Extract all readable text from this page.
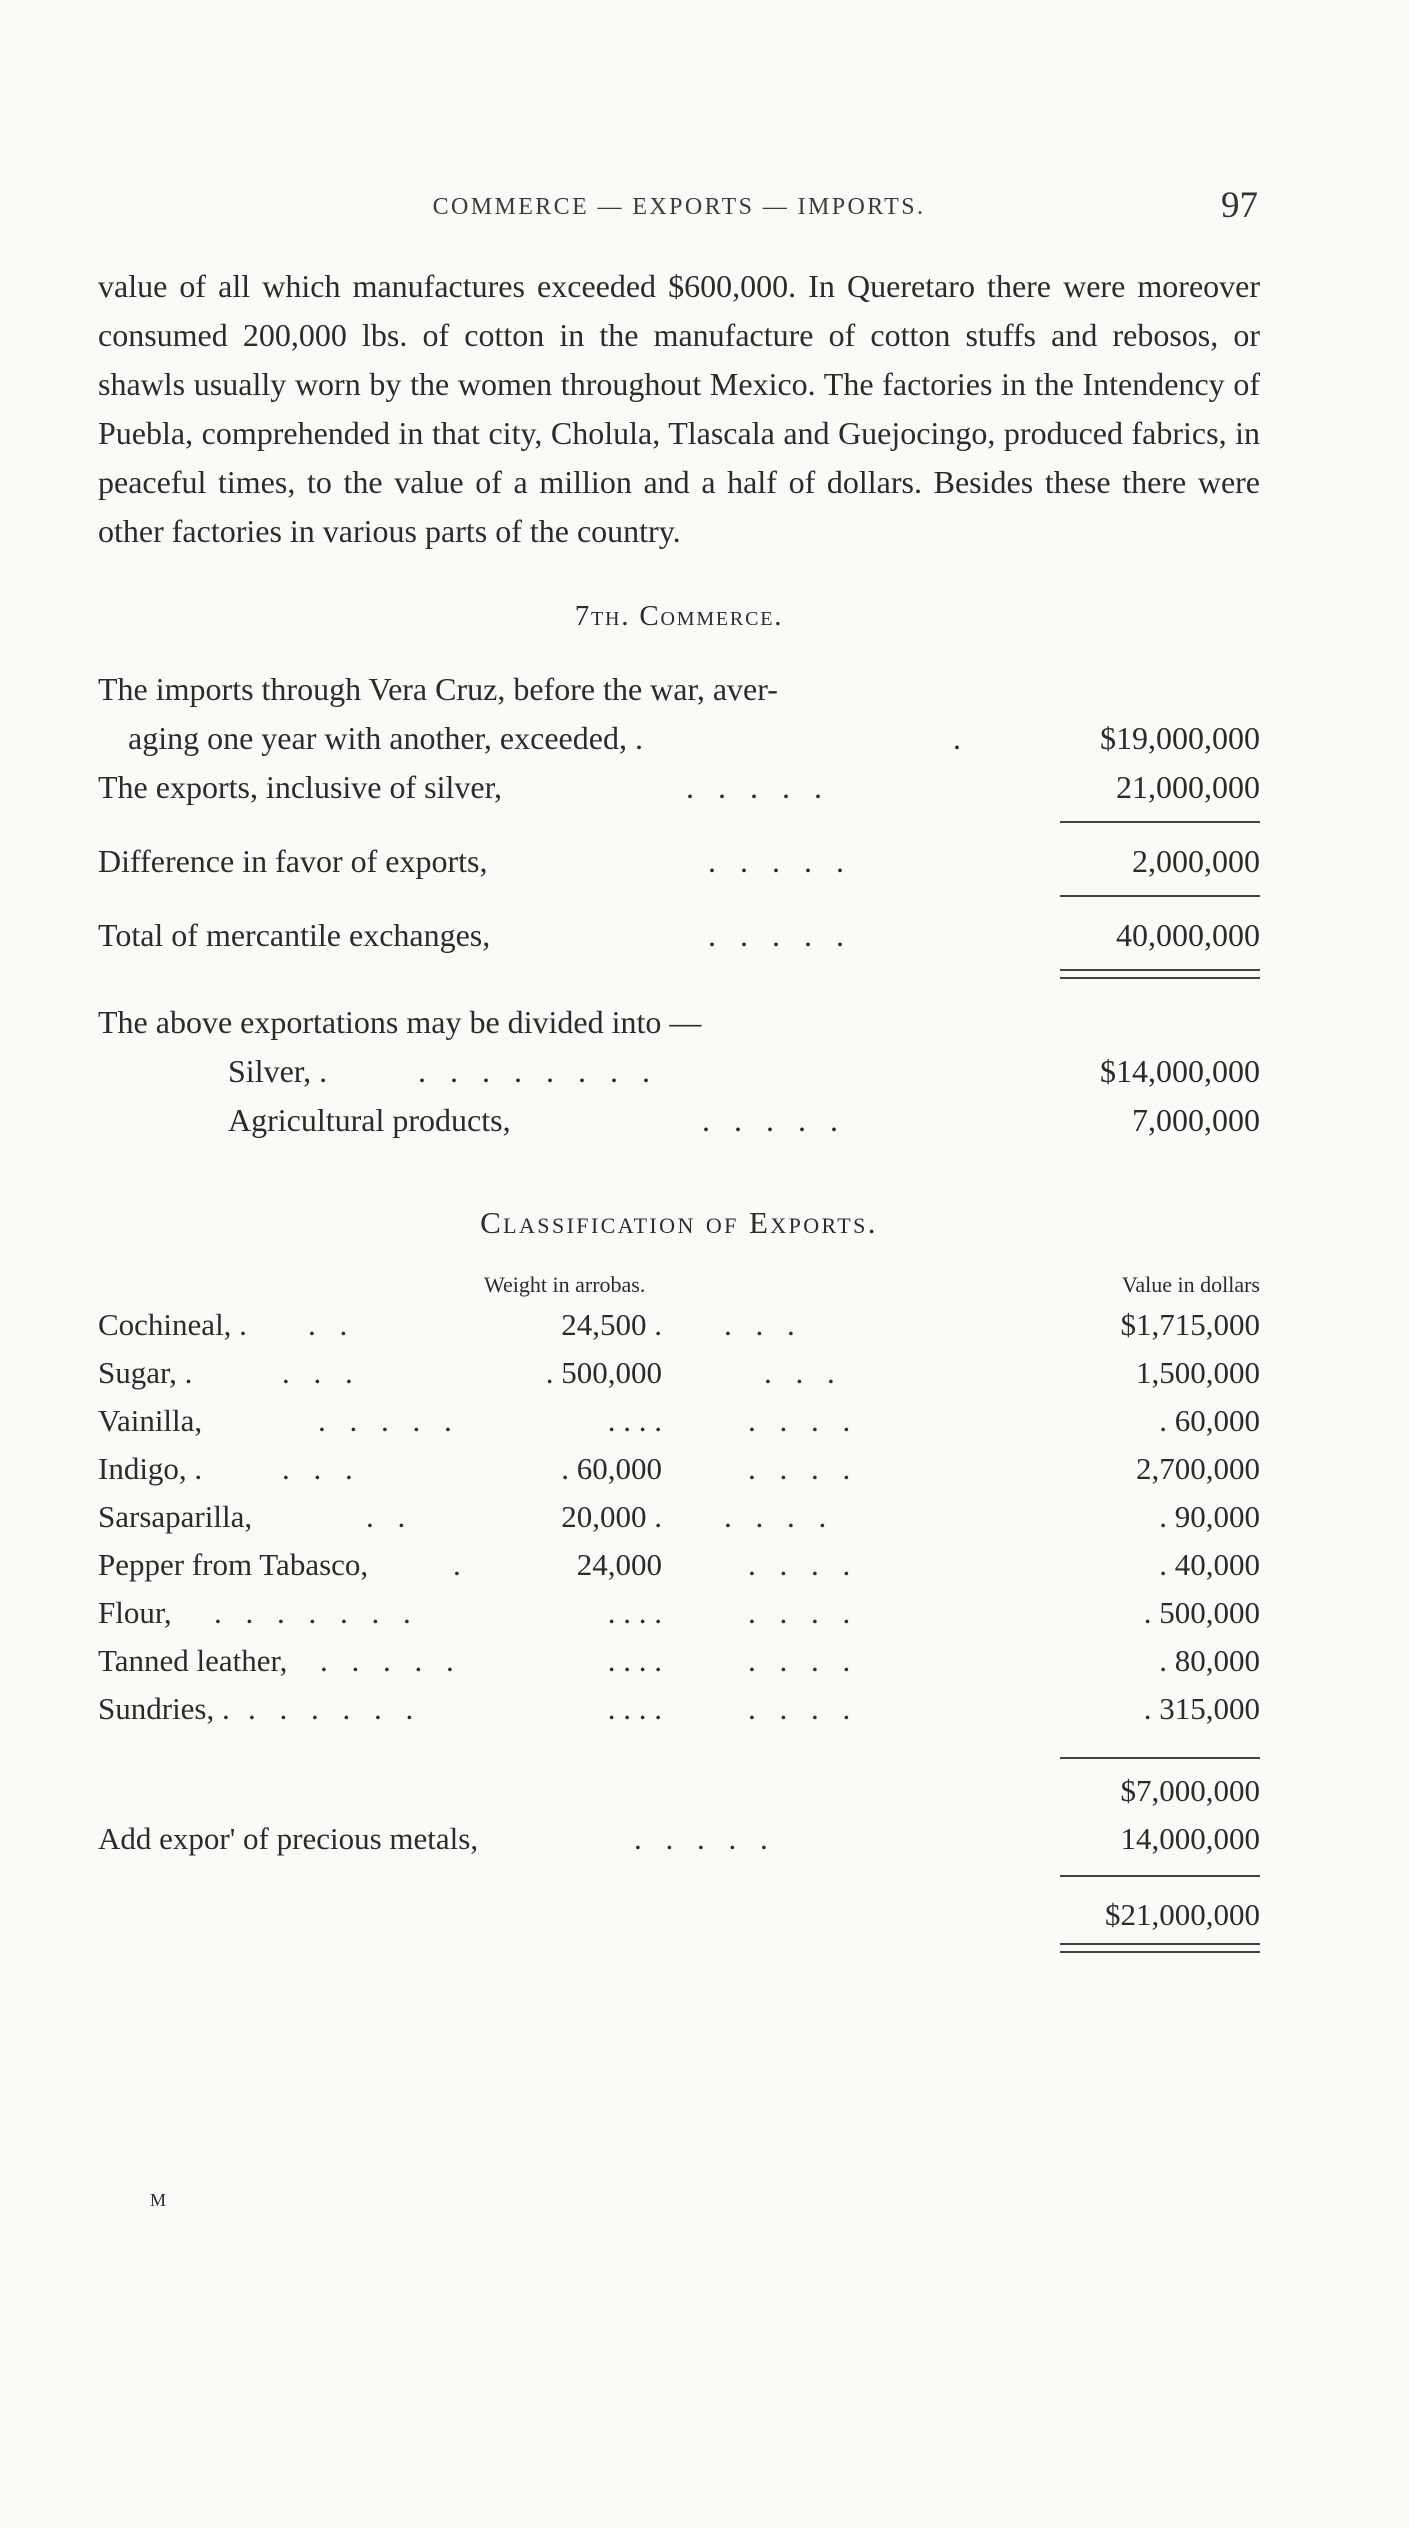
COMMERCE — EXPORTS — IMPORTS.	97

value of all which manufactures exceeded $600,000. In Queretaro there were moreover consumed 200,000 lbs. of cotton in the manufacture of cotton stuffs and rebosos, or shawls usually worn by the women throughout Mexico. The factories in the Intendency of Puebla, comprehended in that city, Cholula, Tlascala and Guejocingo, produced fabrics, in peaceful times, to the value of a million and a half of dollars. Besides these there were other factories in various parts of the country.

7th. Commerce.
The imports through Vera Cruz, before the war, aver-
aging one year with another, exceeded, .	.	$19,000,000
The exports, inclusive of silver,	. . . . .	21,000,000
Difference in favor of exports,	. . . . .	2,000,000
Total of mercantile exchanges,	. . . . .	40,000,000
The above exportations may be divided into —
Silver, .	. . . . . . . .	$14,000,000
Agricultural products,	. . . . .	7,000,000
Classification of Exports.
Weight in arrobas.	Value in dollars
Cochineal, . . .	24,500 . . . .	$1,715,000
Sugar, .	. . .	. 500,000	. . .	1,500,000
Vainilla,	. . . . .	. . . .	. . . .	. 60,000
Indigo, .	. . .	. 60,000	. . . .	2,700,000
Sarsaparilla,	. .	20,000 . . . . .	. 90,000
Pepper from Tabasco,	.	24,000	. . . .	. 40,000
Flour, . . . . . . .	. . . .	. . . .	. 500,000
Tanned leather, . . . . .	. . . .	. . . .	. 80,000
Sundries, . . . . . . .	. . . .	. . . .	. 315,000
$7,000,000
Add expor' of precious metals,	. . . . .	14,000,000
$21,000,000
M
